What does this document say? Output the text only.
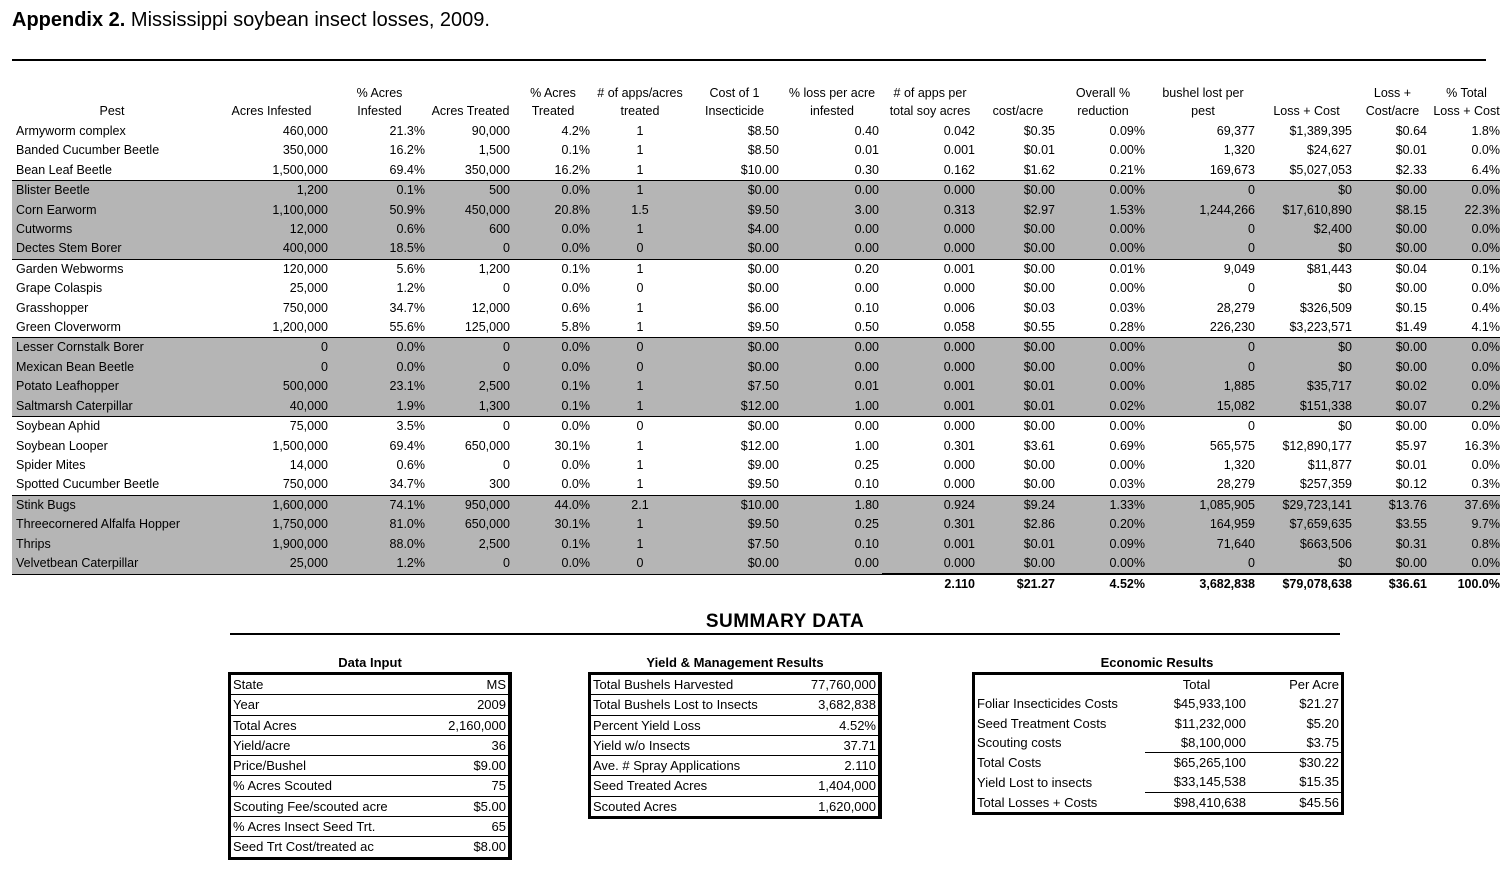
Appendix 2. Mississippi soybean insect losses, 2009.
Pest	Acres Infested	% Acres Infested	Acres Treated	% Acres Treated	# of apps/acres treated	Cost of 1 Insecticide	% loss per acre infested	# of apps per total soy acres	cost/acre	Overall % reduction	bushel lost per pest	Loss + Cost	Loss + Cost/acre	% Total Loss + Cost
Armyworm complex	460,000	21.3%	90,000	4.2%	1	$8.50	0.40	0.042	$0.35	0.09%	69,377	$1,389,395	$0.64	1.8%
Banded Cucumber Beetle	350,000	16.2%	1,500	0.1%	1	$8.50	0.01	0.001	$0.01	0.00%	1,320	$24,627	$0.01	0.0%
Bean Leaf Beetle	1,500,000	69.4%	350,000	16.2%	1	$10.00	0.30	0.162	$1.62	0.21%	169,673	$5,027,053	$2.33	6.4%
Blister Beetle	1,200	0.1%	500	0.0%	1	$0.00	0.00	0.000	$0.00	0.00%	0	$0	$0.00	0.0%
Corn Earworm	1,100,000	50.9%	450,000	20.8%	1.5	$9.50	3.00	0.313	$2.97	1.53%	1,244,266	$17,610,890	$8.15	22.3%
Cutworms	12,000	0.6%	600	0.0%	1	$4.00	0.00	0.000	$0.00	0.00%	0	$2,400	$0.00	0.0%
Dectes Stem Borer	400,000	18.5%	0	0.0%	0	$0.00	0.00	0.000	$0.00	0.00%	0	$0	$0.00	0.0%
Garden Webworms	120,000	5.6%	1,200	0.1%	1	$0.00	0.20	0.001	$0.00	0.01%	9,049	$81,443	$0.04	0.1%
Grape Colaspis	25,000	1.2%	0	0.0%	0	$0.00	0.00	0.000	$0.00	0.00%	0	$0	$0.00	0.0%
Grasshopper	750,000	34.7%	12,000	0.6%	1	$6.00	0.10	0.006	$0.03	0.03%	28,279	$326,509	$0.15	0.4%
Green Cloverworm	1,200,000	55.6%	125,000	5.8%	1	$9.50	0.50	0.058	$0.55	0.28%	226,230	$3,223,571	$1.49	4.1%
Lesser Cornstalk Borer	0	0.0%	0	0.0%	0	$0.00	0.00	0.000	$0.00	0.00%	0	$0	$0.00	0.0%
Mexican Bean Beetle	0	0.0%	0	0.0%	0	$0.00	0.00	0.000	$0.00	0.00%	0	$0	$0.00	0.0%
Potato Leafhopper	500,000	23.1%	2,500	0.1%	1	$7.50	0.01	0.001	$0.01	0.00%	1,885	$35,717	$0.02	0.0%
Saltmarsh Caterpillar	40,000	1.9%	1,300	0.1%	1	$12.00	1.00	0.001	$0.01	0.02%	15,082	$151,338	$0.07	0.2%
Soybean Aphid	75,000	3.5%	0	0.0%	0	$0.00	0.00	0.000	$0.00	0.00%	0	$0	$0.00	0.0%
Soybean Looper	1,500,000	69.4%	650,000	30.1%	1	$12.00	1.00	0.301	$3.61	0.69%	565,575	$12,890,177	$5.97	16.3%
Spider Mites	14,000	0.6%	0	0.0%	1	$9.00	0.25	0.000	$0.00	0.00%	1,320	$11,877	$0.01	0.0%
Spotted Cucumber Beetle	750,000	34.7%	300	0.0%	1	$9.50	0.10	0.000	$0.00	0.03%	28,279	$257,359	$0.12	0.3%
Stink Bugs	1,600,000	74.1%	950,000	44.0%	2.1	$10.00	1.80	0.924	$9.24	1.33%	1,085,905	$29,723,141	$13.76	37.6%
Threecornered Alfalfa Hopper	1,750,000	81.0%	650,000	30.1%	1	$9.50	0.25	0.301	$2.86	0.20%	164,959	$7,659,635	$3.55	9.7%
Thrips	1,900,000	88.0%	2,500	0.1%	1	$7.50	0.10	0.001	$0.01	0.09%	71,640	$663,506	$0.31	0.8%
Velvetbean Caterpillar	25,000	1.2%	0	0.0%	0	$0.00	0.00	0.000	$0.00	0.00%	0	$0	$0.00	0.0%
								2.110	$21.27	4.52%	3,682,838	$79,078,638	$36.61	100.0%
SUMMARY DATA
Data Input
State	MS
Year	2009
Total Acres	2,160,000
Yield/acre	36
Price/Bushel	$9.00
% Acres Scouted	75
Scouting Fee/scouted acre	$5.00
% Acres Insect Seed Trt.	65
Seed Trt Cost/treated ac	$8.00
Yield & Management Results
Total Bushels Harvested	77,760,000
Total Bushels Lost to Insects	3,682,838
Percent Yield Loss	4.52%
Yield w/o Insects	37.71
Ave. # Spray Applications	2.110
Seed Treated Acres	1,404,000
Scouted Acres	1,620,000
Economic Results
	Total	Per Acre
Foliar Insecticides Costs	$45,933,100	$21.27
Seed Treatment Costs	$11,232,000	$5.20
Scouting costs	$8,100,000	$3.75
Total Costs	$65,265,100	$30.22
Yield Lost to insects	$33,145,538	$15.35
Total Losses + Costs	$98,410,638	$45.56
